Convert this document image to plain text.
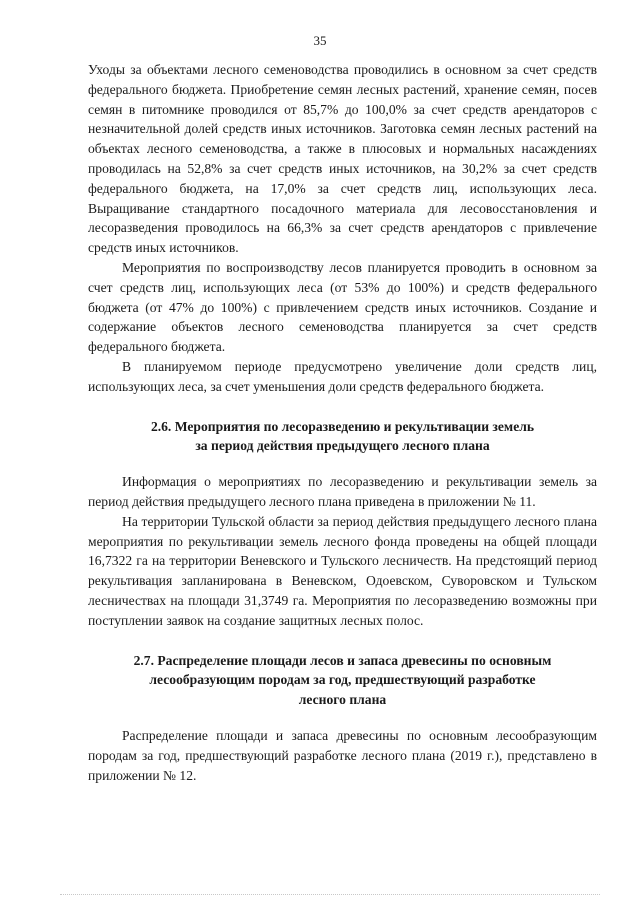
35

Уходы за объектами лесного семеноводства проводились в основном за счет средств федерального бюджета. Приобретение семян лесных растений, хранение семян, посев семян в питомнике проводился от 85,7% до 100,0% за счет средств арендаторов с незначительной долей средств иных источников. Заготовка семян лесных растений на объектах лесного семеноводства, а также в плюсовых и нормальных насаждениях проводилась на 52,8% за счет средств иных источников, на 30,2% за счет средств федерального бюджета, на 17,0% за счет средств лиц, использующих леса. Выращивание стандартного посадочного материала для лесовосстановления и лесоразведения проводилось на 66,3% за счет средств арендаторов с привлечение средств иных источников.

Мероприятия по воспроизводству лесов планируется проводить в основном за счет средств лиц, использующих леса (от 53% до 100%) и средств федерального бюджета (от 47% до 100%) с привлечением средств иных источников. Создание и содержание объектов лесного семеноводства планируется за счет средств федерального бюджета.

В планируемом периоде предусмотрено увеличение доли средств лиц, использующих леса, за счет уменьшения доли средств федерального бюджета.

2.6. Мероприятия по лесоразведению и рекультивации земель
за период действия предыдущего лесного плана

Информация о мероприятиях по лесоразведению и рекультивации земель за период действия предыдущего лесного плана приведена в приложении № 11.

На территории Тульской области за период действия предыдущего лесного плана мероприятия по рекультивации земель лесного фонда проведены на общей площади 16,7322 га на территории Веневского и Тульского лесничеств. На предстоящий период рекультивация запланирована в Веневском, Одоевском, Суворовском и Тульском лесничествах на площади 31,3749 га. Мероприятия по лесоразведению возможны при поступлении заявок на создание защитных лесных полос.

2.7. Распределение площади лесов и запаса древесины по основным
лесообразующим породам за год, предшествующий разработке
лесного плана

Распределение площади и запаса древесины по основным лесообразующим породам за год, предшествующий разработке лесного плана (2019 г.), представлено в приложении № 12.
